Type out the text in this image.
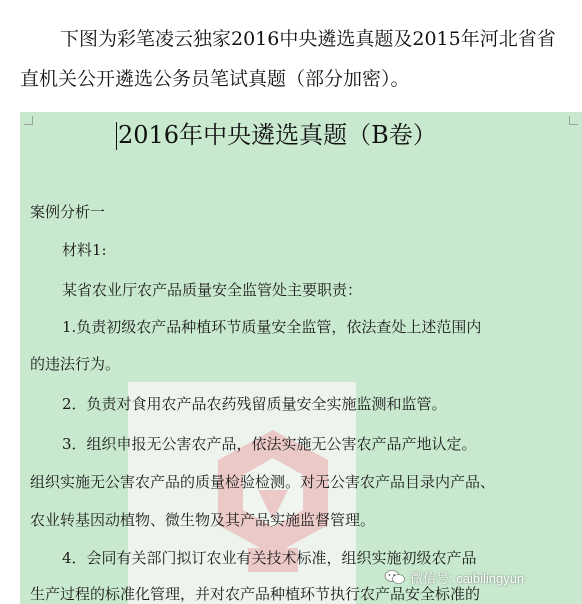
下图为彩笔凌云独家2016中央遴选真题及2015年河北省省
直机关公开遴选公务员笔试真题（部分加密）。
2016年中央遴选真题（B卷）
案例分析一
材料1:
某省农业厅农产品质量安全监管处主要职责：
1.负责初级农产品种植环节质量安全监管，依法查处上述范围内
的违法行为。
2．负责对食用农产品农药残留质量安全实施监测和监管。
3．组织申报无公害农产品，依法实施无公害农产品产地认定。
组织实施无公害农产品的质量检验检测。对无公害农产品目录内产品、
农业转基因动植物、微生物及其产品实施监督管理。
4．会同有关部门拟订农业有关技术标准，组织实施初级农产品
生产过程的标准化管理，并对农产品种植环节执行农产品安全标准的
微信号: caibilingyun
